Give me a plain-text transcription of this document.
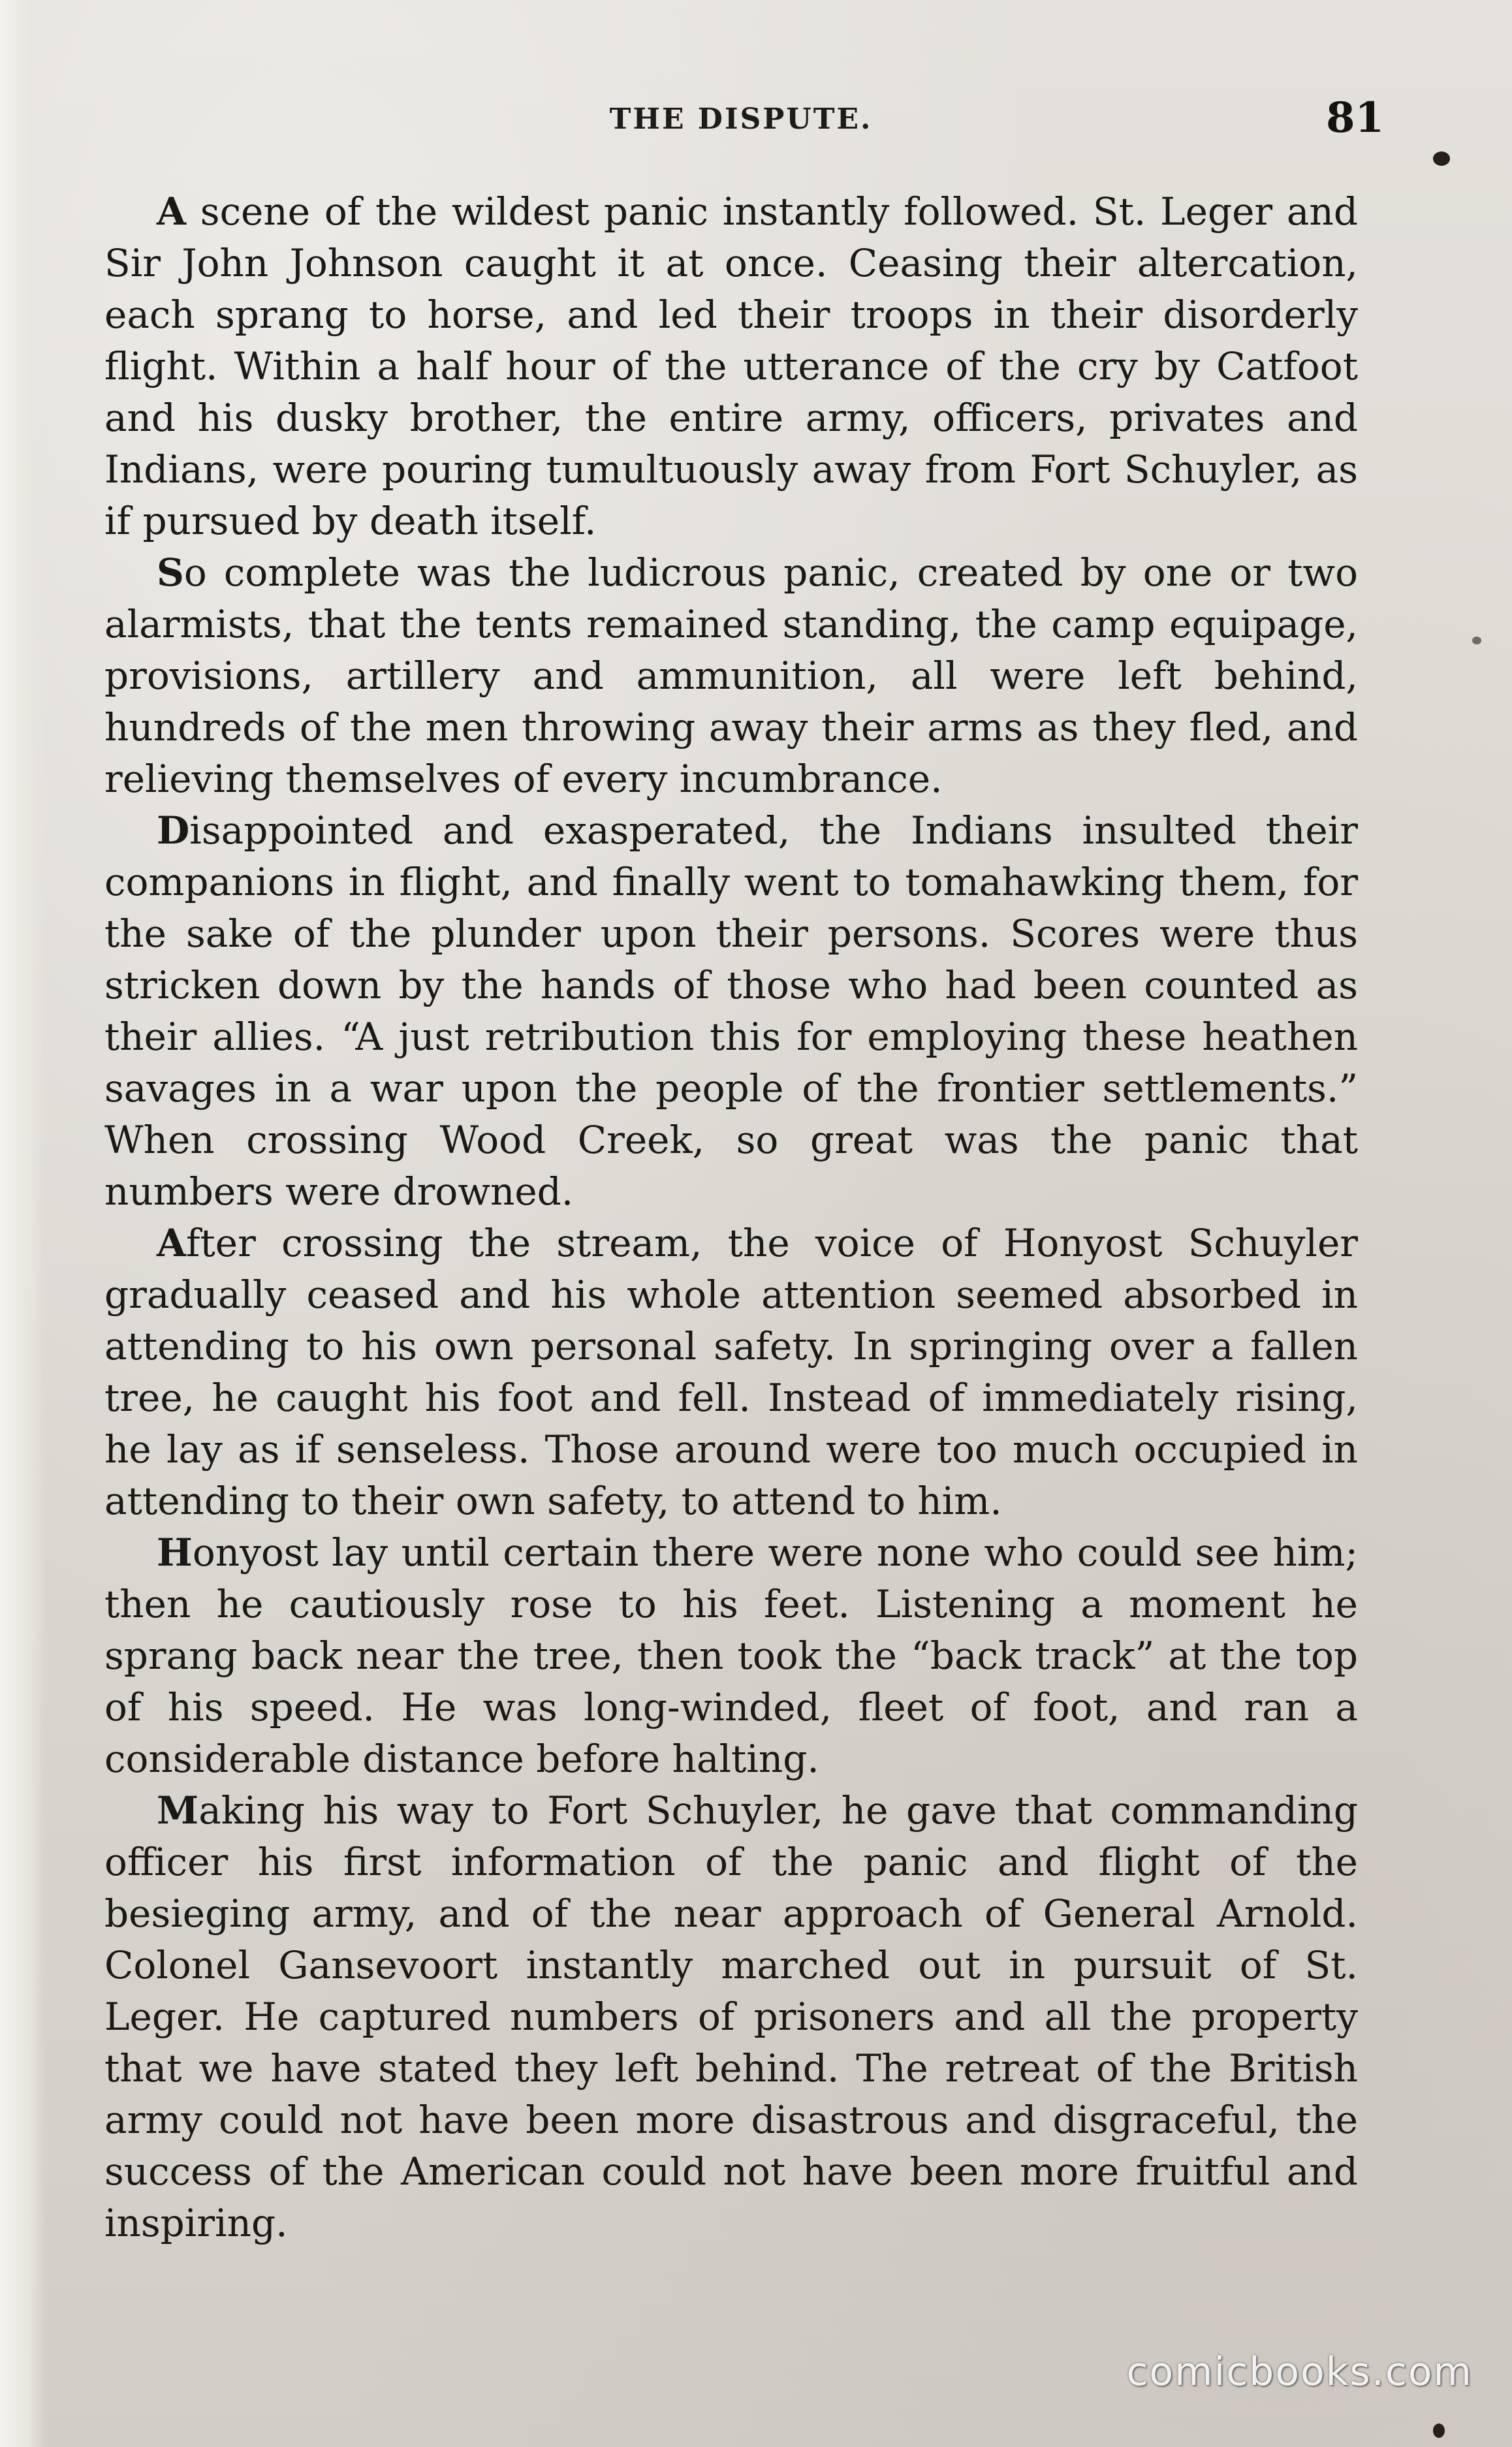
THE DISPUTE.	81

A scene of the wildest panic instantly followed. St. Leger and Sir John Johnson caught it at once. Ceasing their altercation, each sprang to horse, and led their troops in their disorderly flight. Within a half hour of the utterance of the cry by Catfoot and his dusky brother, the entire army, officers, privates and Indians, were pouring tumultuously away from Fort Schuyler, as if pursued by death itself.

So complete was the ludicrous panic, created by one or two alarmists, that the tents remained standing, the camp equipage, provisions, artillery and ammunition, all were left behind, hundreds of the men throwing away their arms as they fled, and relieving themselves of every incumbrance.

Disappointed and exasperated, the Indians insulted their companions in flight, and finally went to tomahawking them, for the sake of the plunder upon their persons. Scores were thus stricken down by the hands of those who had been counted as their allies. “A just retribution this for employing these heathen savages in a war upon the people of the frontier settlements.” When crossing Wood Creek, so great was the panic that numbers were drowned.

After crossing the stream, the voice of Honyost Schuyler gradually ceased and his whole attention seemed absorbed in attending to his own personal safety. In springing over a fallen tree, he caught his foot and fell. Instead of immediately rising, he lay as if senseless. Those around were too much occupied in attending to their own safety, to attend to him.

Honyost lay until certain there were none who could see him; then he cautiously rose to his feet. Listening a moment he sprang back near the tree, then took the “back track” at the top of his speed. He was long-winded, fleet of foot, and ran a considerable distance before halting.

Making his way to Fort Schuyler, he gave that commanding officer his first information of the panic and flight of the besieging army, and of the near approach of General Arnold. Colonel Gansevoort instantly marched out in pursuit of St. Leger. He captured numbers of prisoners and all the property that we have stated they left behind. The retreat of the British army could not have been more disastrous and disgraceful, the success of the American could not have been more fruitful and inspiring.

comicbooks.com
